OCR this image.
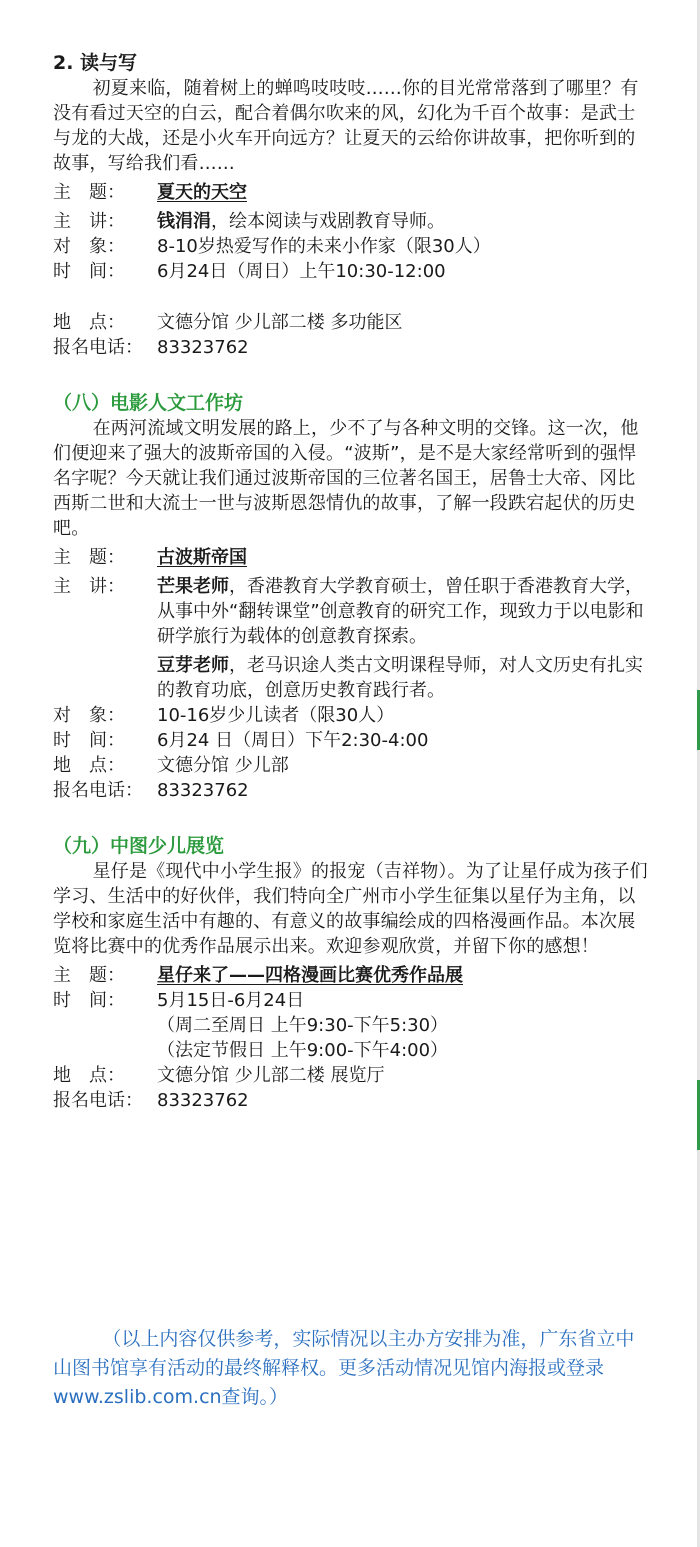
2. 读与写

初夏来临，随着树上的蝉鸣吱吱吱……你的目光常常落到了哪里？有没有看过天空的白云，配合着偶尔吹来的风，幻化为千百个故事：是武士与龙的大战，还是小火车开向远方？让夏天的云给你讲故事，把你听到的故事，写给我们看……

主　题：	夏天的天空
主　讲：	钱涓涓，绘本阅读与戏剧教育导师。
对　象：	8-10岁热爱写作的未来小作家（限30人）
时　间：	6月24日（周日）上午10:30-12:00
地　点：	文德分馆 少儿部二楼 多功能区
报名电话： 83323762
（八）电影人文工作坊

在两河流域文明发展的路上，少不了与各种文明的交锋。这一次，他们便迎来了强大的波斯帝国的入侵。“波斯”，是不是大家经常听到的强悍名字呢？今天就让我们通过波斯帝国的三位著名国王，居鲁士大帝、冈比西斯二世和大流士一世与波斯恩怨情仇的故事，了解一段跌宕起伏的历史吧。

主　题：	古波斯帝国
主　讲：	芒果老师，香港教育大学教育硕士，曾任职于香港教育大学，从事中外“翻转课堂”创意教育的研究工作，现致力于以电影和研学旅行为载体的创意教育探索。
豆芽老师，老马识途人类古文明课程导师，对人文历史有扎实的教育功底，创意历史教育践行者。
对　象：	10-16岁少儿读者（限30人）
时　间：	6月24 日（周日）下午2:30-4:00
地　点：	文德分馆 少儿部
报名电话： 83323762
（九）中图少儿展览

星仔是《现代中小学生报》的报宠（吉祥物）。为了让星仔成为孩子们学习、生活中的好伙伴，我们特向全广州市小学生征集以星仔为主角，以学校和家庭生活中有趣的、有意义的故事编绘成的四格漫画作品。本次展览将比赛中的优秀作品展示出来。欢迎参观欣赏，并留下你的感想！

主　题：	星仔来了——四格漫画比赛优秀作品展
时　间：	5月15日-6月24日
（周二至周日 上午9:30-下午5:30）
（法定节假日 上午9:00-下午4:00）
地　点：	文德分馆 少儿部二楼 展览厅
报名电话： 83323762

（以上内容仅供参考，实际情况以主办方安排为准，广东省立中山图书馆享有活动的最终解释权。更多活动情况见馆内海报或登录www.zslib.com.cn查询。）
